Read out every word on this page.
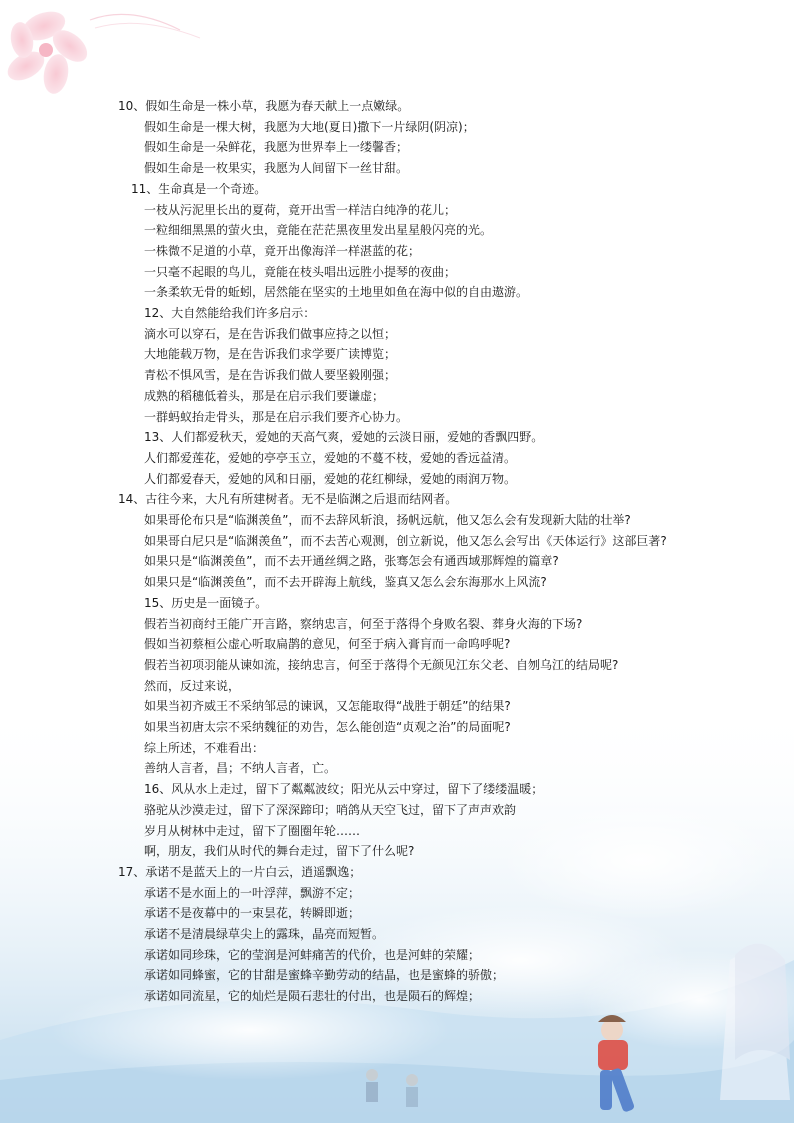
10、假如生命是一株小草，我愿为春天献上一点嫩绿。
假如生命是一棵大树，我愿为大地(夏日)撒下一片绿阴(阴凉)；
假如生命是一朵鲜花，我愿为世界奉上一缕馨香；
假如生命是一枚果实，我愿为人间留下一丝甘甜。
11、生命真是一个奇迹。
一枝从污泥里长出的夏荷，竟开出雪一样洁白纯净的花儿；
一粒细细黑黑的萤火虫，竟能在茫茫黑夜里发出星星般闪亮的光。
一株微不足道的小草，竟开出像海洋一样湛蓝的花；
一只毫不起眼的鸟儿，竟能在枝头唱出远胜小提琴的夜曲；
一条柔软无骨的蚯蚓，居然能在坚实的土地里如鱼在海中似的自由遨游。
12、大自然能给我们许多启示：
滴水可以穿石，是在告诉我们做事应持之以恒；
大地能载万物，是在告诉我们求学要广读博览；
青松不惧风雪，是在告诉我们做人要坚毅刚强；
成熟的稻穗低着头，那是在启示我们要谦虚；
一群蚂蚁抬走骨头，那是在启示我们要齐心协力。
13、人们都爱秋天，爱她的天高气爽，爱她的云淡日丽，爱她的香飘四野。
人们都爱莲花，爱她的亭亭玉立，爱她的不蔓不枝，爱她的香远益清。
人们都爱春天，爱她的风和日丽，爱她的花红柳绿，爱她的雨润万物。
14、古往今来，大凡有所建树者。无不是临渊之后退而结网者。
如果哥伦布只是“临渊羡鱼”，而不去辞风斩浪，扬帆远航，他又怎么会有发现新大陆的壮举?
如果哥白尼只是“临渊羡鱼”，而不去苦心观测，创立新说，他又怎么会写出《天体运行》这部巨著?
如果只是“临渊羡鱼”，而不去开通丝绸之路，张骞怎会有通西域那辉煌的篇章?
如果只是“临渊羡鱼”，而不去开辟海上航线，鉴真又怎么会东海那水上风流?
15、历史是一面镜子。
假若当初商纣王能广开言路，察纳忠言，何至于落得个身败名裂、葬身火海的下场?
假如当初蔡桓公虚心听取扁鹊的意见，何至于病入膏肓而一命呜呼呢?
假若当初项羽能从谏如流，接纳忠言，何至于落得个无颜见江东父老、自刎乌江的结局呢?
然而，反过来说，
如果当初齐威王不采纳邹忌的谏讽，又怎能取得“战胜于朝廷”的结果?
如果当初唐太宗不采纳魏征的劝告，怎么能创造“贞观之治”的局面呢?
综上所述，不难看出：
善纳人言者，昌；不纳人言者，亡。
16、风从水上走过，留下了粼粼波纹；阳光从云中穿过，留下了缕缕温暖；
骆驼从沙漠走过，留下了深深蹄印；哨鸽从天空飞过，留下了声声欢韵
岁月从树林中走过，留下了圈圈年轮……
啊，朋友，我们从时代的舞台走过，留下了什么呢?
17、承诺不是蓝天上的一片白云，逍遥飘逸；
承诺不是水面上的一叶浮萍，飘游不定；
承诺不是夜幕中的一束昙花，转瞬即逝；
承诺不是清晨绿草尖上的露珠，晶亮而短暂。
承诺如同珍珠，它的莹润是河蚌痛苦的代价，也是河蚌的荣耀；
承诺如同蜂蜜，它的甘甜是蜜蜂辛勤劳动的结晶，也是蜜蜂的骄傲；
承诺如同流星，它的灿烂是陨石悲壮的付出，也是陨石的辉煌；
